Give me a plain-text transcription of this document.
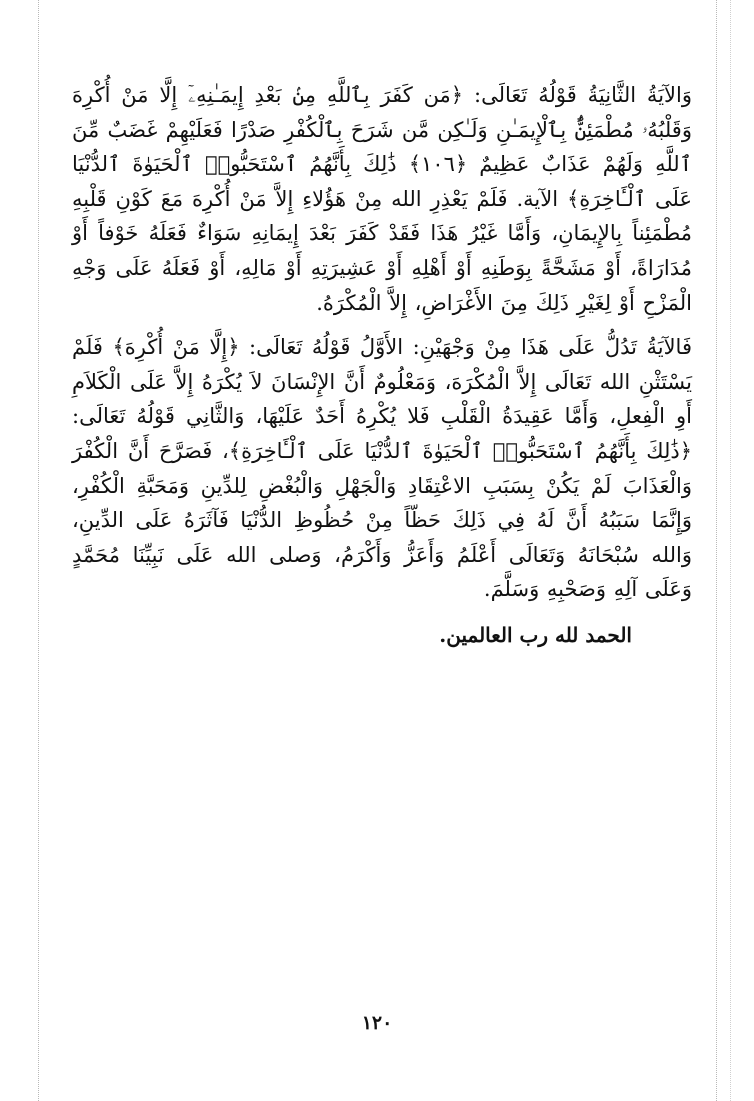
وَالآيَةُ الثَّانِيَةُ قَوْلُهُ تَعَالَى: ﴿مَن كَفَرَ بِٱللَّهِ مِنۢ بَعْدِ إِيمَـٰنِهِۦٓ إِلَّا مَنْ أُكْرِهَ وَقَلْبُهُۥ مُطْمَئِنٌّۢ بِٱلْإِيمَـٰنِ وَلَـٰكِن مَّن شَرَحَ بِٱلْكُفْرِ صَدْرًا فَعَلَيْهِمْ غَضَبٌ مِّنَ ٱللَّهِ وَلَهُمْ عَذَابٌ عَظِيمٌ ﴿١٠٦﴾ ذَٰلِكَ بِأَنَّهُمُ ٱسْتَحَبُّوا۟ ٱلْحَيَوٰةَ ٱلدُّنْيَا عَلَى ٱلْـَٔاخِرَةِ﴾ الآية. فَلَمْ يَعْذِرِ الله مِنْ هَؤُلاءِ إِلاَّ مَنْ أُكْرِهَ مَعَ كَوْنِ قَلْبِهِ مُطْمَئِناً بِالإِيمَانِ، وَأَمَّا غَيْرُ هَذَا فَقَدْ كَفَرَ بَعْدَ إِيمَانِهِ سَوَاءٌ فَعَلَهُ خَوْفاً أَوْ مُدَارَاةً، أَوْ مَشَحَّةً بِوَطَنِهِ أَوْ أَهْلِهِ أَوْ عَشِيرَتِهِ أَوْ مَالِهِ، أَوْ فَعَلَهُ عَلَى وَجْهِ الْمَزْحِ أَوْ لِغَيْرِ ذَلِكَ مِنَ الأَغْرَاضِ، إِلاَّ الْمُكْرَهُ.

فَالآيَةُ تَدُلُّ عَلَى هَذَا مِنْ وَجْهَيْنِ: الأَوَّلُ قَوْلُهُ تَعَالَى: ﴿إِلَّا مَنْ أُكْرِهَ﴾ فَلَمْ يَسْتَثْنِ الله تَعَالَى إِلاَّ الْمُكْرَهَ، وَمَعْلُومٌ أَنَّ الإِنْسَانَ لاَ يُكْرَهُ إِلاَّ عَلَى الْكَلاَمِ أَوِ الْفِعلِ، وَأَمَّا عَقِيدَةُ الْقَلْبِ فَلا يُكْرِهُ أَحَدٌ عَلَيْهَا، وَالثَّانِي قَوْلُهُ تَعَالَى: ﴿ذَٰلِكَ بِأَنَّهُمُ ٱسْتَحَبُّوا۟ ٱلْحَيَوٰةَ ٱلدُّنْيَا عَلَى ٱلْـَٔاخِرَةِ﴾، فَصَرَّحَ أَنَّ الْكُفْرَ وَالْعَذَابَ لَمْ يَكُنْ بِسَبَبِ الاعْتِقَادِ وَالْجَهْلِ وَالْبُغْضِ لِلدِّينِ وَمَحَبَّةِ الْكُفْرِ، وَإِنَّمَا سَبَبُهُ أَنَّ لَهُ فِي ذَلِكَ حَظّاً مِنْ حُظُوظِ الدُّنْيَا فَآثَرَهُ عَلَى الدِّينِ، وَالله سُبْحَانَهُ وَتَعَالَى أَعْلَمُ وَأَعَزُّ وَأَكْرَمُ، وَصلى الله عَلَى نَبِيِّنَا مُحَمَّدٍ وَعَلَى آلِهِ وَصَحْبِهِ وَسَلَّمَ.

الحمد لله رب العالمين.

١٢٠
